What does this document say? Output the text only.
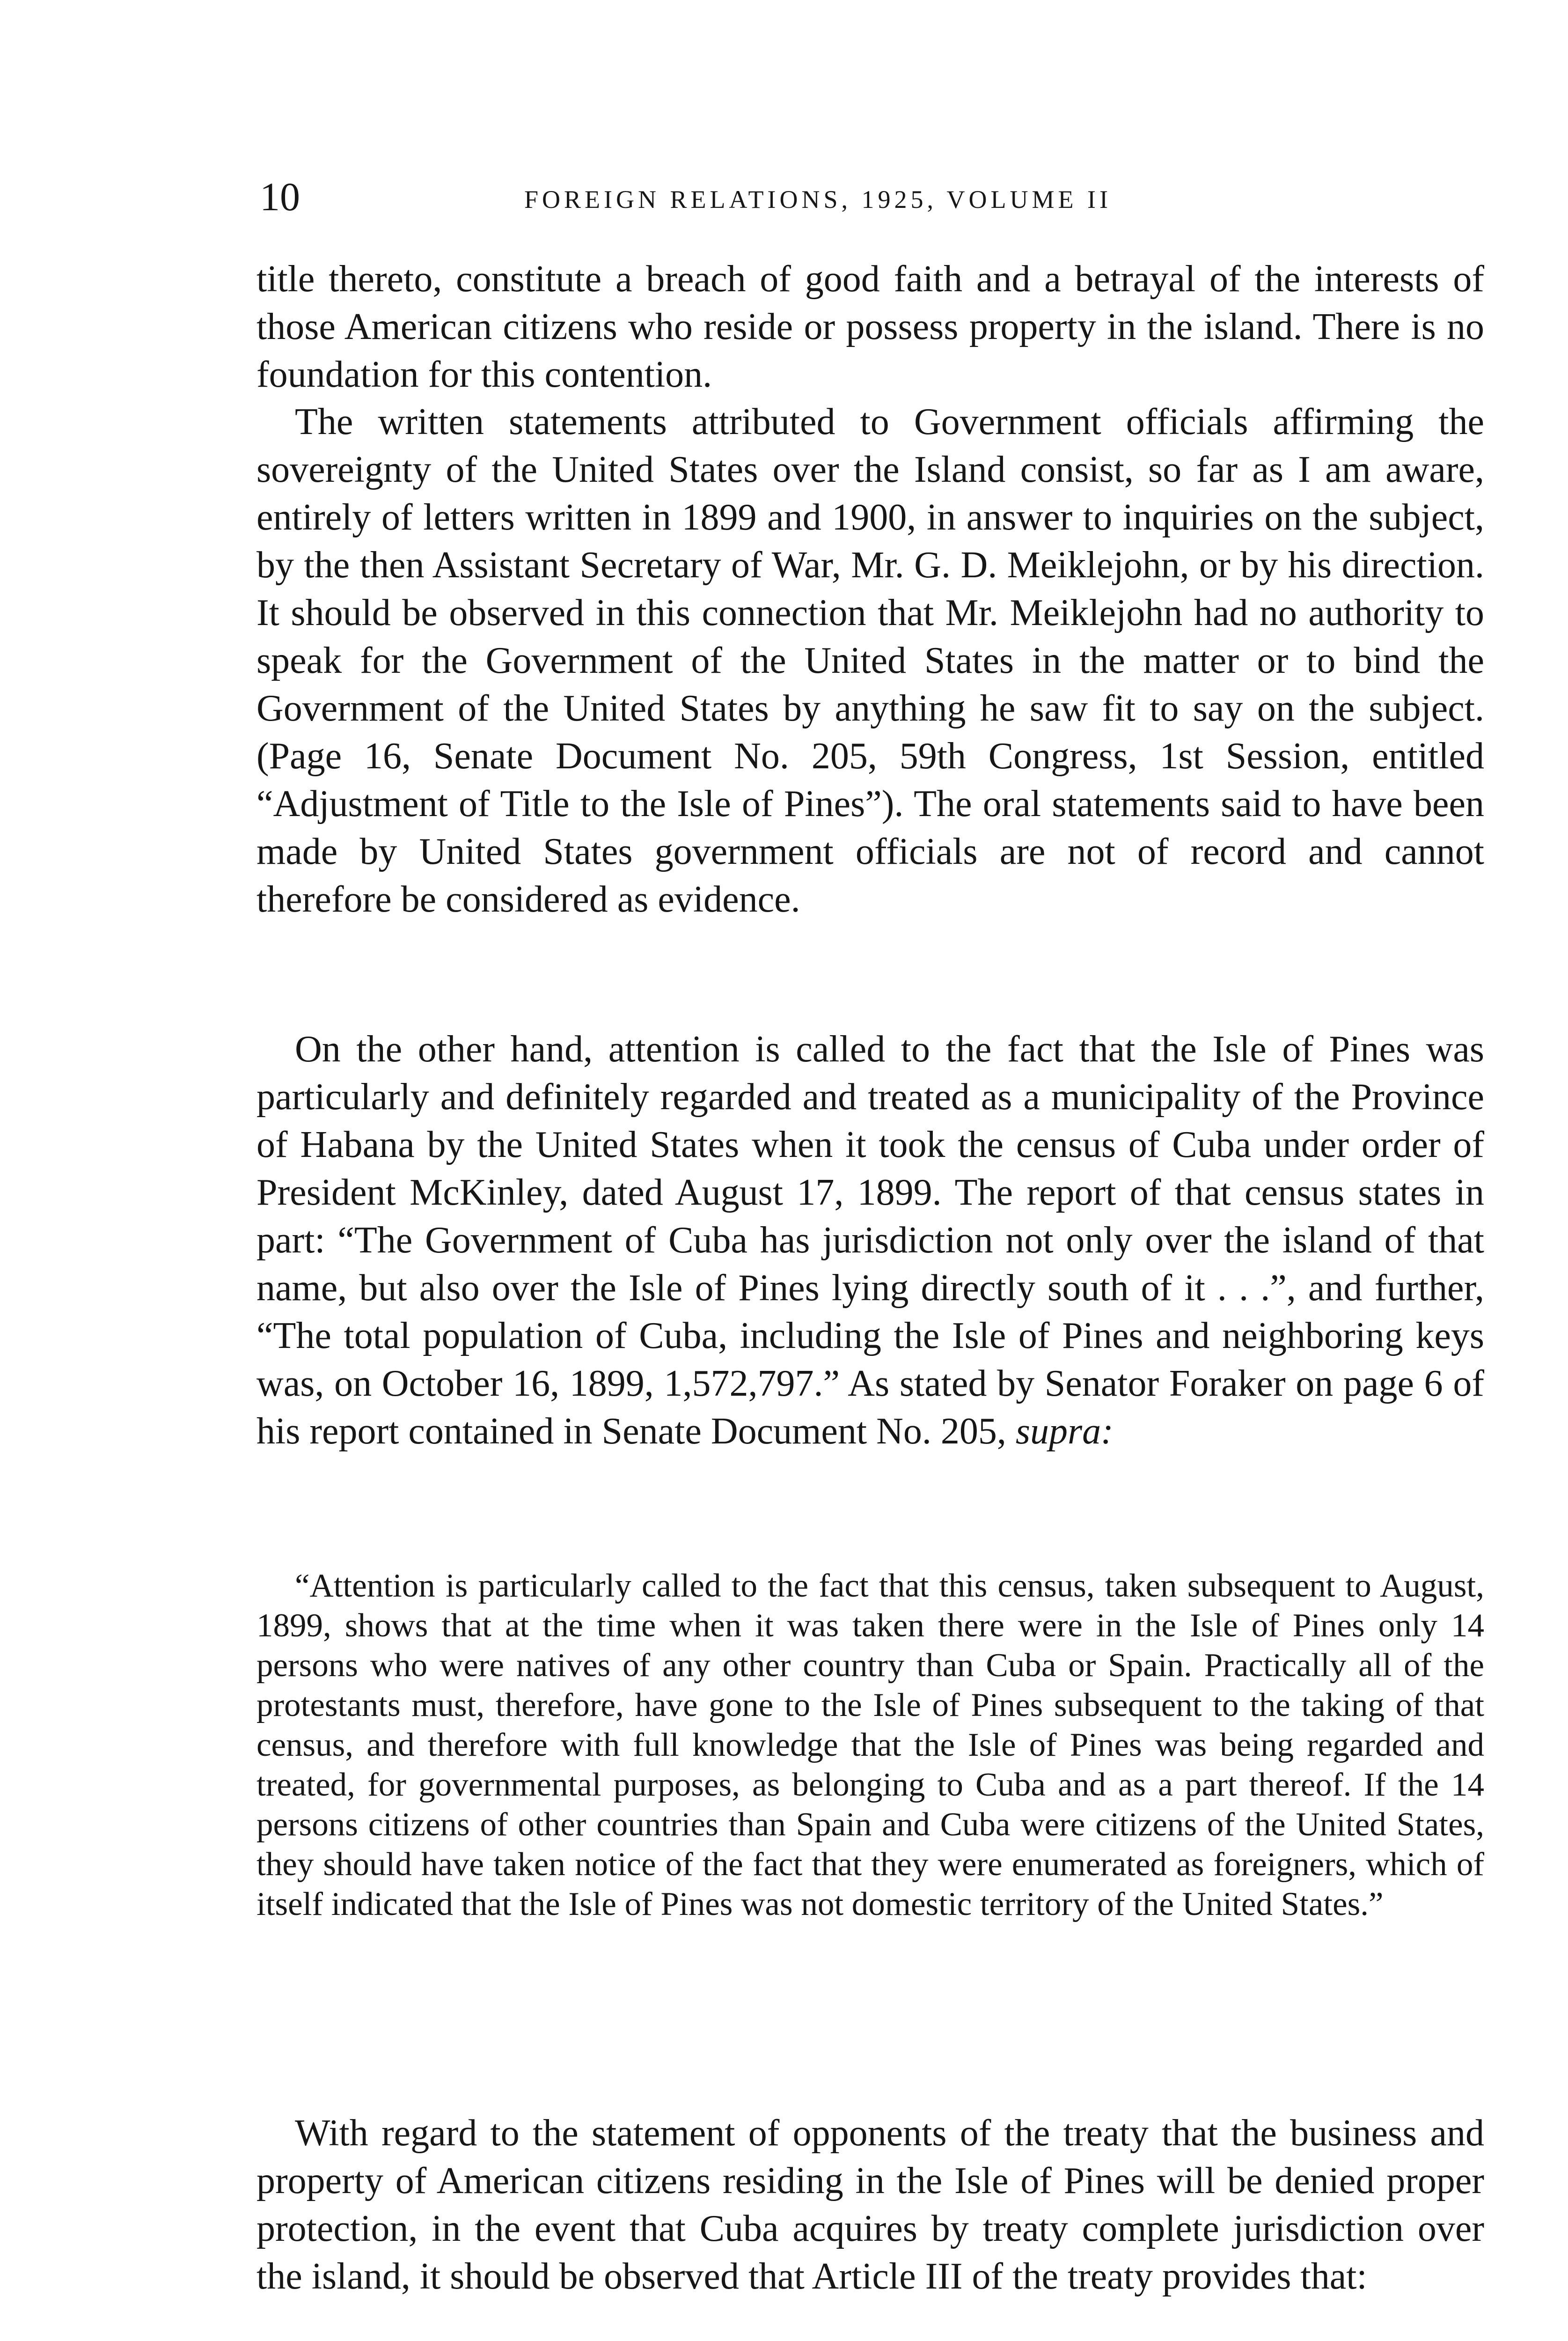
10	FOREIGN RELATIONS, 1925, VOLUME II

title thereto, constitute a breach of good faith and a betrayal of the interests of those American citizens who reside or possess property in the island. There is no foundation for this contention.

The written statements attributed to Government officials affirming the sovereignty of the United States over the Island consist, so far as I am aware, entirely of letters written in 1899 and 1900, in answer to inquiries on the subject, by the then Assistant Secretary of War, Mr. G. D. Meiklejohn, or by his direction. It should be observed in this connection that Mr. Meiklejohn had no authority to speak for the Government of the United States in the matter or to bind the Government of the United States by anything he saw fit to say on the subject. (Page 16, Senate Document No. 205, 59th Congress, 1st Session, entitled “Adjustment of Title to the Isle of Pines”). The oral statements said to have been made by United States government officials are not of record and cannot therefore be considered as evidence.

On the other hand, attention is called to the fact that the Isle of Pines was particularly and definitely regarded and treated as a municipality of the Province of Habana by the United States when it took the census of Cuba under order of President McKinley, dated August 17, 1899. The report of that census states in part: “The Government of Cuba has jurisdiction not only over the island of that name, but also over the Isle of Pines lying directly south of it . . .”, and further, “The total population of Cuba, including the Isle of Pines and neighboring keys was, on October 16, 1899, 1,572,797.” As stated by Senator Foraker on page 6 of his report contained in Senate Document No. 205, supra:

“Attention is particularly called to the fact that this census, taken subsequent to August, 1899, shows that at the time when it was taken there were in the Isle of Pines only 14 persons who were natives of any other country than Cuba or Spain. Practically all of the protestants must, therefore, have gone to the Isle of Pines subsequent to the taking of that census, and therefore with full knowledge that the Isle of Pines was being regarded and treated, for governmental purposes, as belonging to Cuba and as a part thereof. If the 14 persons citizens of other countries than Spain and Cuba were citizens of the United States, they should have taken notice of the fact that they were enumerated as foreigners, which of itself indicated that the Isle of Pines was not domestic territory of the United States.”

With regard to the statement of opponents of the treaty that the business and property of American citizens residing in the Isle of Pines will be denied proper protection, in the event that Cuba acquires by treaty complete jurisdiction over the island, it should be observed that Article III of the treaty provides that:
